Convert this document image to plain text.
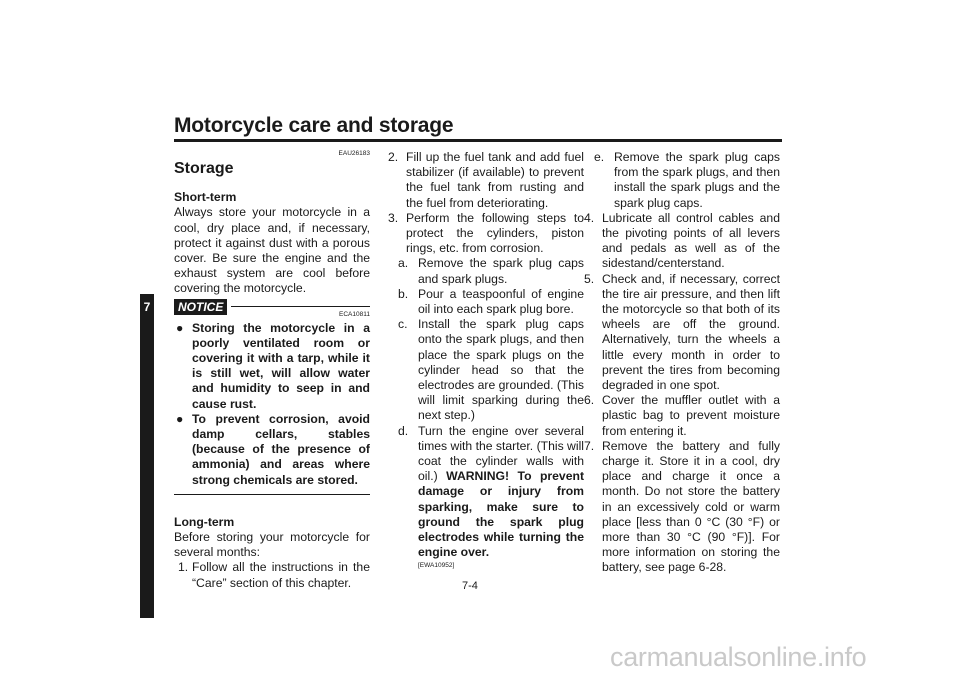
Motorcycle care and storage
7
EAU26183
Storage

Short-term

Always store your motorcycle in a cool, dry place and, if necessary, protect it against dust with a porous cover. Be sure the engine and the exhaust system are cool before covering the motorcycle.

NOTICE
ECA10811
● Storing the motorcycle in a poorly ventilated room or covering it with a tarp, while it is still wet, will allow water and humidity to seep in and cause rust.
● To prevent corrosion, avoid damp cellars, stables (because of the presence of ammonia) and areas where strong chemicals are stored.

Long-term

Before storing your motorcycle for several months:

1. Follow all the instructions in the “Care” section of this chapter.
2. Fill up the fuel tank and add fuel stabilizer (if available) to prevent the fuel tank from rusting and the fuel from deteriorating.
3. Perform the following steps to protect the cylinders, piston rings, etc. from corrosion.
a. Remove the spark plug caps and spark plugs.
b. Pour a teaspoonful of engine oil into each spark plug bore.
c. Install the spark plug caps onto the spark plugs, and then place the spark plugs on the cylinder head so that the electrodes are grounded. (This will limit sparking during the next step.)
d. Turn the engine over several times with the starter. (This will coat the cylinder walls with oil.) WARNING! To prevent damage or injury from sparking, make sure to ground the spark plug electrodes while turning the engine over.
[EWA10952]
e. Remove the spark plug caps from the spark plugs, and then install the spark plugs and the spark plug caps.
4. Lubricate all control cables and the pivoting points of all levers and pedals as well as of the sidestand/centerstand.
5. Check and, if necessary, correct the tire air pressure, and then lift the motorcycle so that both of its wheels are off the ground. Alternatively, turn the wheels a little every month in order to prevent the tires from becoming degraded in one spot.
6. Cover the muffler outlet with a plastic bag to prevent moisture from entering it.
7. Remove the battery and fully charge it. Store it in a cool, dry place and charge it once a month. Do not store the battery in an excessively cold or warm place [less than 0 °C (30 °F) or more than 30 °C (90 °F)]. For more information on storing the battery, see page 6-28.
7-4
carmanualsonline.info
